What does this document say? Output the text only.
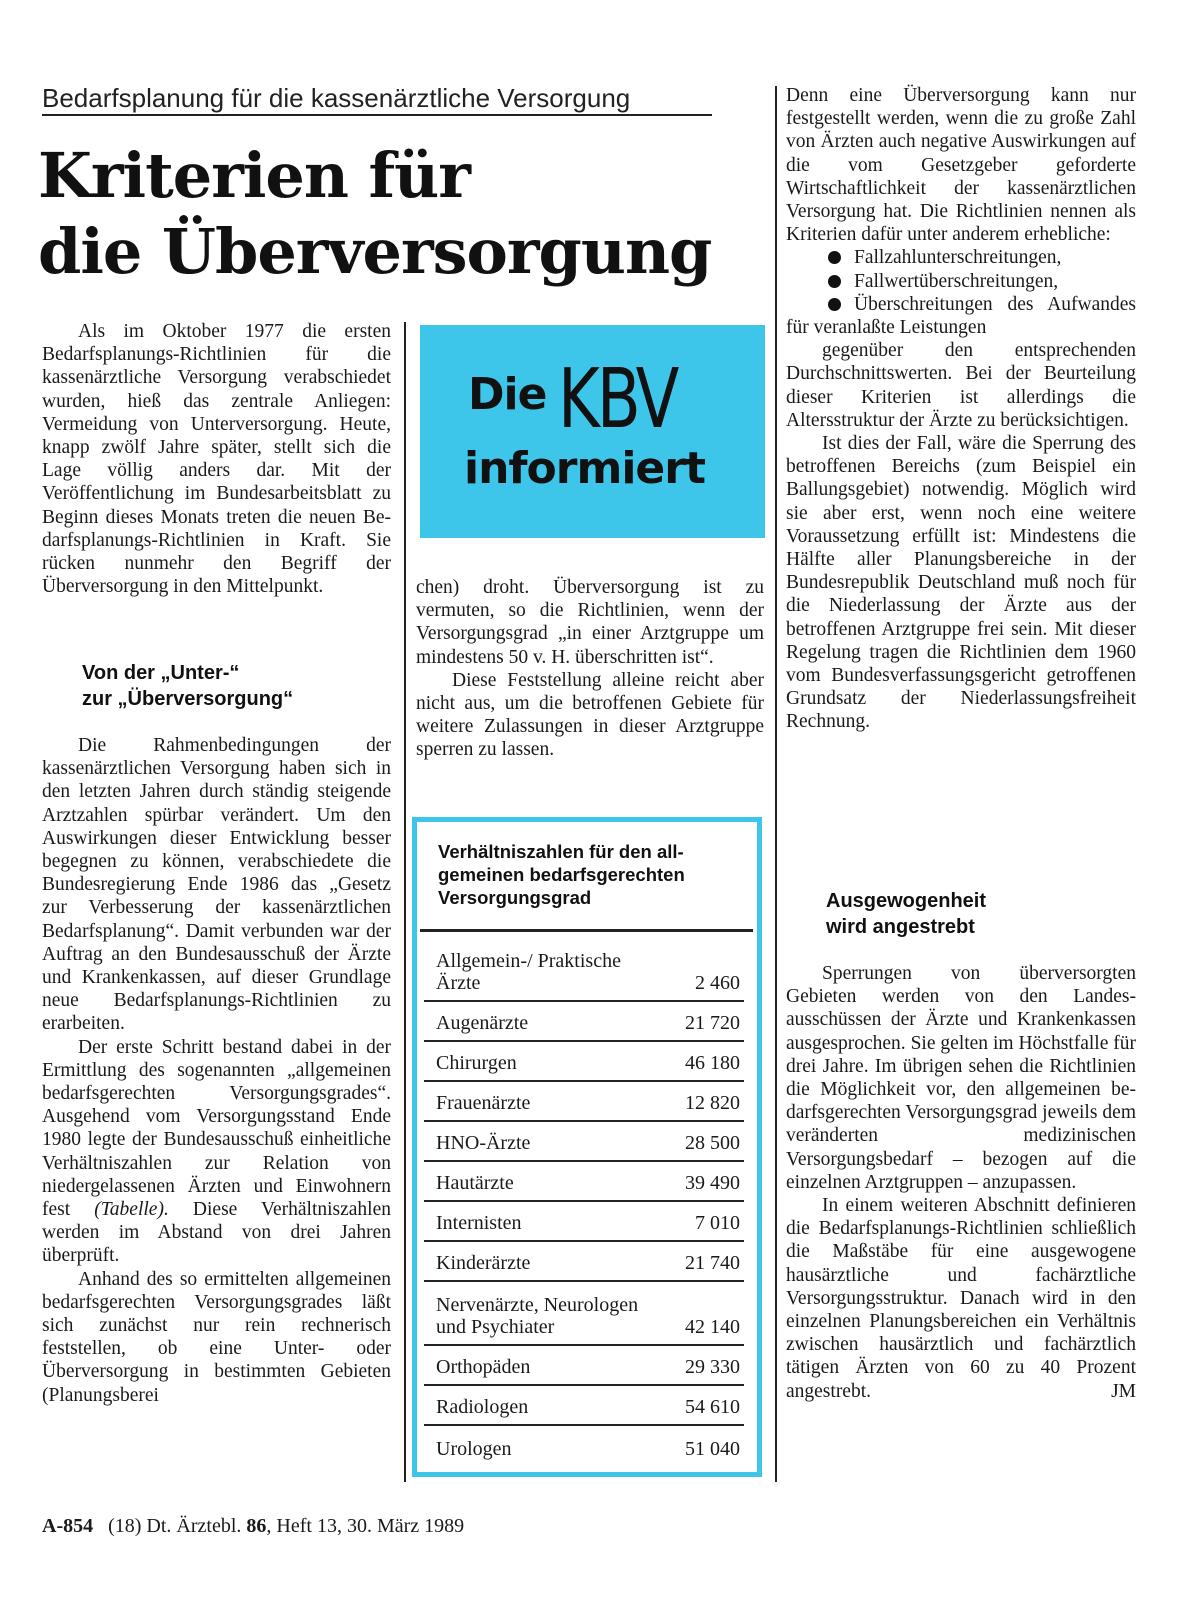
Bedarfsplanung für die kassenärztliche Versorgung
Kriterien für
die Überversorgung

Als im Oktober 1977 die ersten Bedarfsplanungs-Richtlinien für die kassenärztliche Versorgung verabschiedet wurden, hieß das zentrale Anliegen: Vermeidung von Unterversorgung. Heute, knapp zwölf Jahre später, stellt sich die Lage völlig anders dar. Mit der Veröffentlichung im Bundesarbeitsblatt zu Beginn dieses Monats treten die neuen Bedarfsplanungs-Richtlinien in Kraft. Sie rücken nunmehr den Begriff der Überversorgung in den Mittelpunkt.

Von der „Unter-“
zur „Überversorgung“

Die Rahmenbedingungen der kassenärztlichen Versorgung haben sich in den letzten Jahren durch ständig steigende Arztzahlen spürbar verändert. Um den Auswirkungen dieser Entwicklung besser begegnen zu können, verabschiedete die Bundesregierung Ende 1986 das „Gesetz zur Verbesserung der kassenärztlichen Bedarfsplanung“. Damit verbunden war der Auftrag an den Bundesausschuß der Ärzte und Krankenkassen, auf dieser Grundlage neue Bedarfsplanungs-Richtlinien zu erarbeiten.

Der erste Schritt bestand dabei in der Ermittlung des sogenannten „allgemeinen bedarfsgerechten Versorgungsgrades“. Ausgehend vom Versorgungsstand Ende 1980 legte der Bundesausschuß einheitliche Verhältniszahlen zur Relation von niedergelassenen Ärzten und Einwohnern fest (Tabelle). Diese Verhältniszahlen werden im Abstand von drei Jahren überprüft.

Anhand des so ermittelten allgemeinen bedarfsgerechten Versorgungsgrades läßt sich zunächst nur rein rechnerisch feststellen, ob eine Unter- oder Überversorgung in bestimmten Gebieten (Planungsberei

Die KBV
informiert

chen) droht. Überversorgung ist zu vermuten, so die Richtlinien, wenn der Versorgungsgrad „in einer Arztgruppe um mindestens 50 v. H. überschritten ist“.

Diese Feststellung alleine reicht aber nicht aus, um die betroffenen Gebiete für weitere Zulassungen in dieser Arztgruppe sperren zu lassen.

Verhältniszahlen für den allgemeinen bedarfsgerechten Versorgungsgrad
Allgemein-/ Praktische Ärzte	2 460
Augenärzte	21 720
Chirurgen	46 180
Frauenärzte	12 820
HNO-Ärzte	28 500
Hautärzte	39 490
Internisten	7 010
Kinderärzte	21 740
Nervenärzte, Neurologen und Psychiater	42 140
Orthopäden	29 330
Radiologen	54 610
Urologen	51 040

Denn eine Überversorgung kann nur festgestellt werden, wenn die zu große Zahl von Ärzten auch negative Auswirkungen auf die vom Gesetzgeber geforderte Wirtschaftlichkeit der kassenärztlichen Versorgung hat. Die Richtlinien nennen als Kriterien dafür unter anderem erhebliche:

Fallzahlunterschreitungen,
Fallwertüberschreitungen,
Überschreitungen des Aufwandes für veranlaßte Leistungen

gegenüber den entsprechenden Durchschnittswerten. Bei der Beurteilung dieser Kriterien ist allerdings die Altersstruktur der Ärzte zu berücksichtigen.

Ist dies der Fall, wäre die Sperrung des betroffenen Bereichs (zum Beispiel ein Ballungsgebiet) notwendig. Möglich wird sie aber erst, wenn noch eine weitere Voraussetzung erfüllt ist: Mindestens die Hälfte aller Planungsbereiche in der Bundesrepublik Deutschland muß noch für die Niederlassung der Ärzte aus der betroffenen Arztgruppe frei sein. Mit dieser Regelung tragen die Richtlinien dem 1960 vom Bundesverfassungsgericht getroffenen Grundsatz der Niederlassungsfreiheit Rechnung.

Ausgewogenheit
wird angestrebt

Sperrungen von überversorgten Gebieten werden von den Landesausschüssen der Ärzte und Krankenkassen ausgesprochen. Sie gelten im Höchstfalle für drei Jahre. Im übrigen sehen die Richtlinien die Möglichkeit vor, den allgemeinen bedarfsgerechten Versorgungsgrad jeweils dem veränderten medizinischen Versorgungsbedarf – bezogen auf die einzelnen Arztgruppen – anzupassen.

In einem weiteren Abschnitt definieren die Bedarfsplanungs-Richtlinien schließlich die Maßstäbe für eine ausgewogene hausärztliche und fachärztliche Versorgungsstruktur. Danach wird in den einzelnen Planungsbereichen ein Verhältnis zwischen hausärztlich und fachärztlich tätigen Ärzten von 60 zu 40 Prozent angestrebt.	JM

A-854 (18) Dt. Ärztebl. 86, Heft 13, 30. März 1989
